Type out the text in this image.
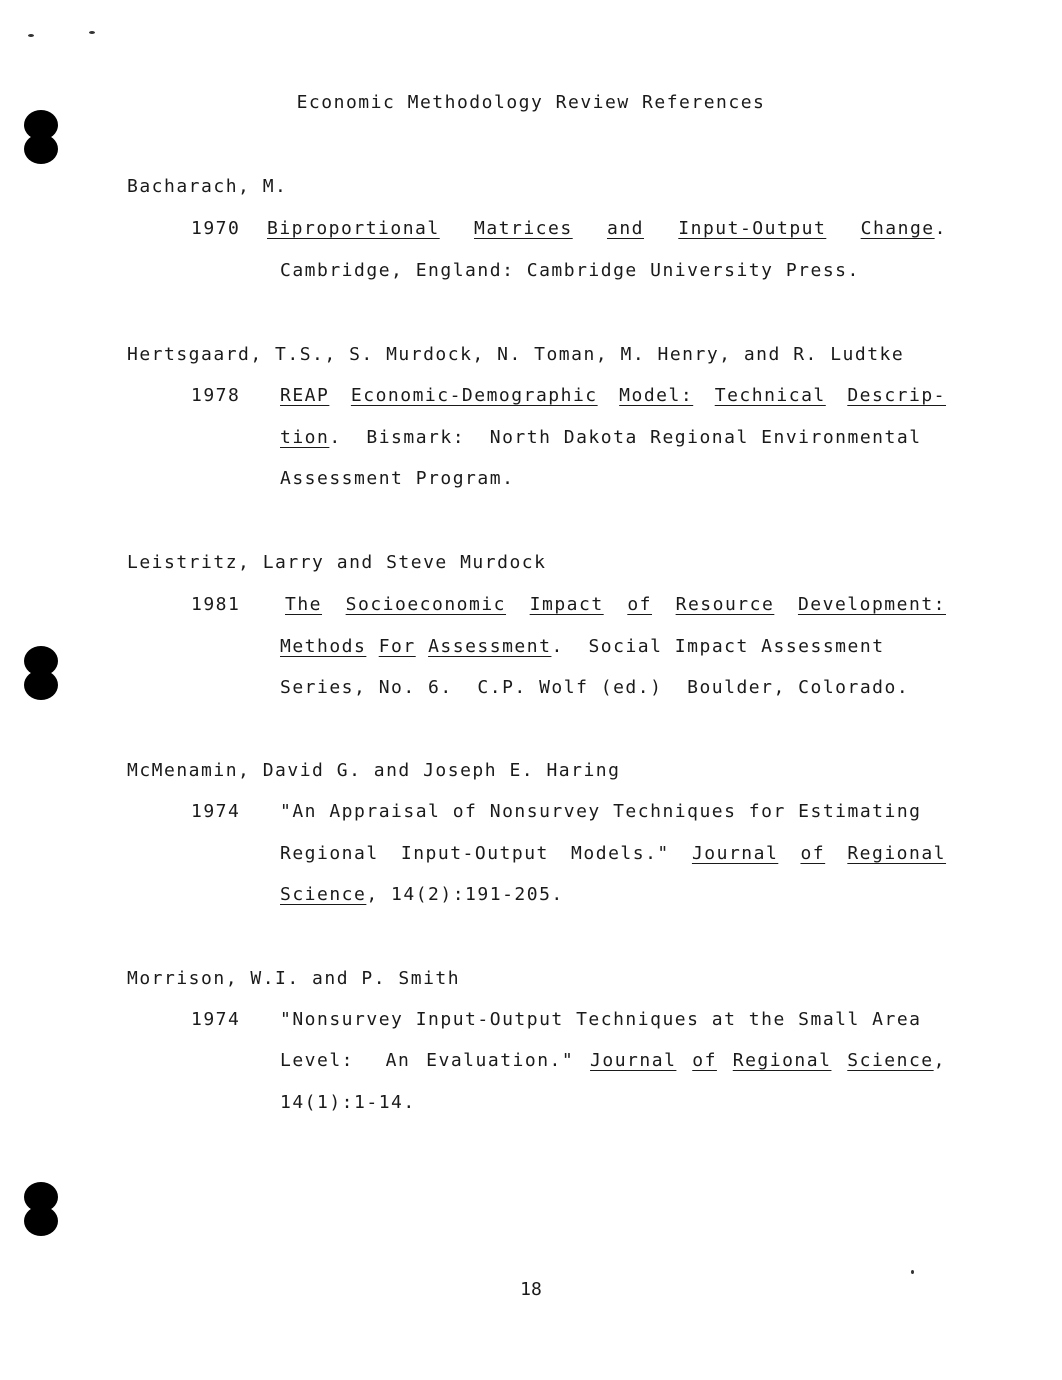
Economic Methodology Review References
Bacharach, M.
1970 Biproportional Matrices and Input-Output Change.
Cambridge, England: Cambridge University Press.
Hertsgaard, T.S., S. Murdock, N. Toman, M. Henry, and R. Ludtke
1978 REAP Economic-Demographic Model: Technical Descrip-
tion.  Bismark:  North Dakota Regional Environmental
Assessment Program.
Leistritz, Larry and Steve Murdock
1981 The Socioeconomic Impact of Resource Development:
Methods For Assessment.  Social Impact Assessment
Series, No. 6.  C.P. Wolf (ed.)  Boulder, Colorado.
McMenamin, David G. and Joseph E. Haring
1974 "An Appraisal of Nonsurvey Techniques for Estimating
Regional Input-Output Models." Journal of Regional
Science, 14(2):191-205.
Morrison, W.I. and P. Smith
1974 "Nonsurvey Input-Output Techniques at the Small Area
Level:  An Evaluation." Journal of Regional Science,
14(1):1-14.
18
